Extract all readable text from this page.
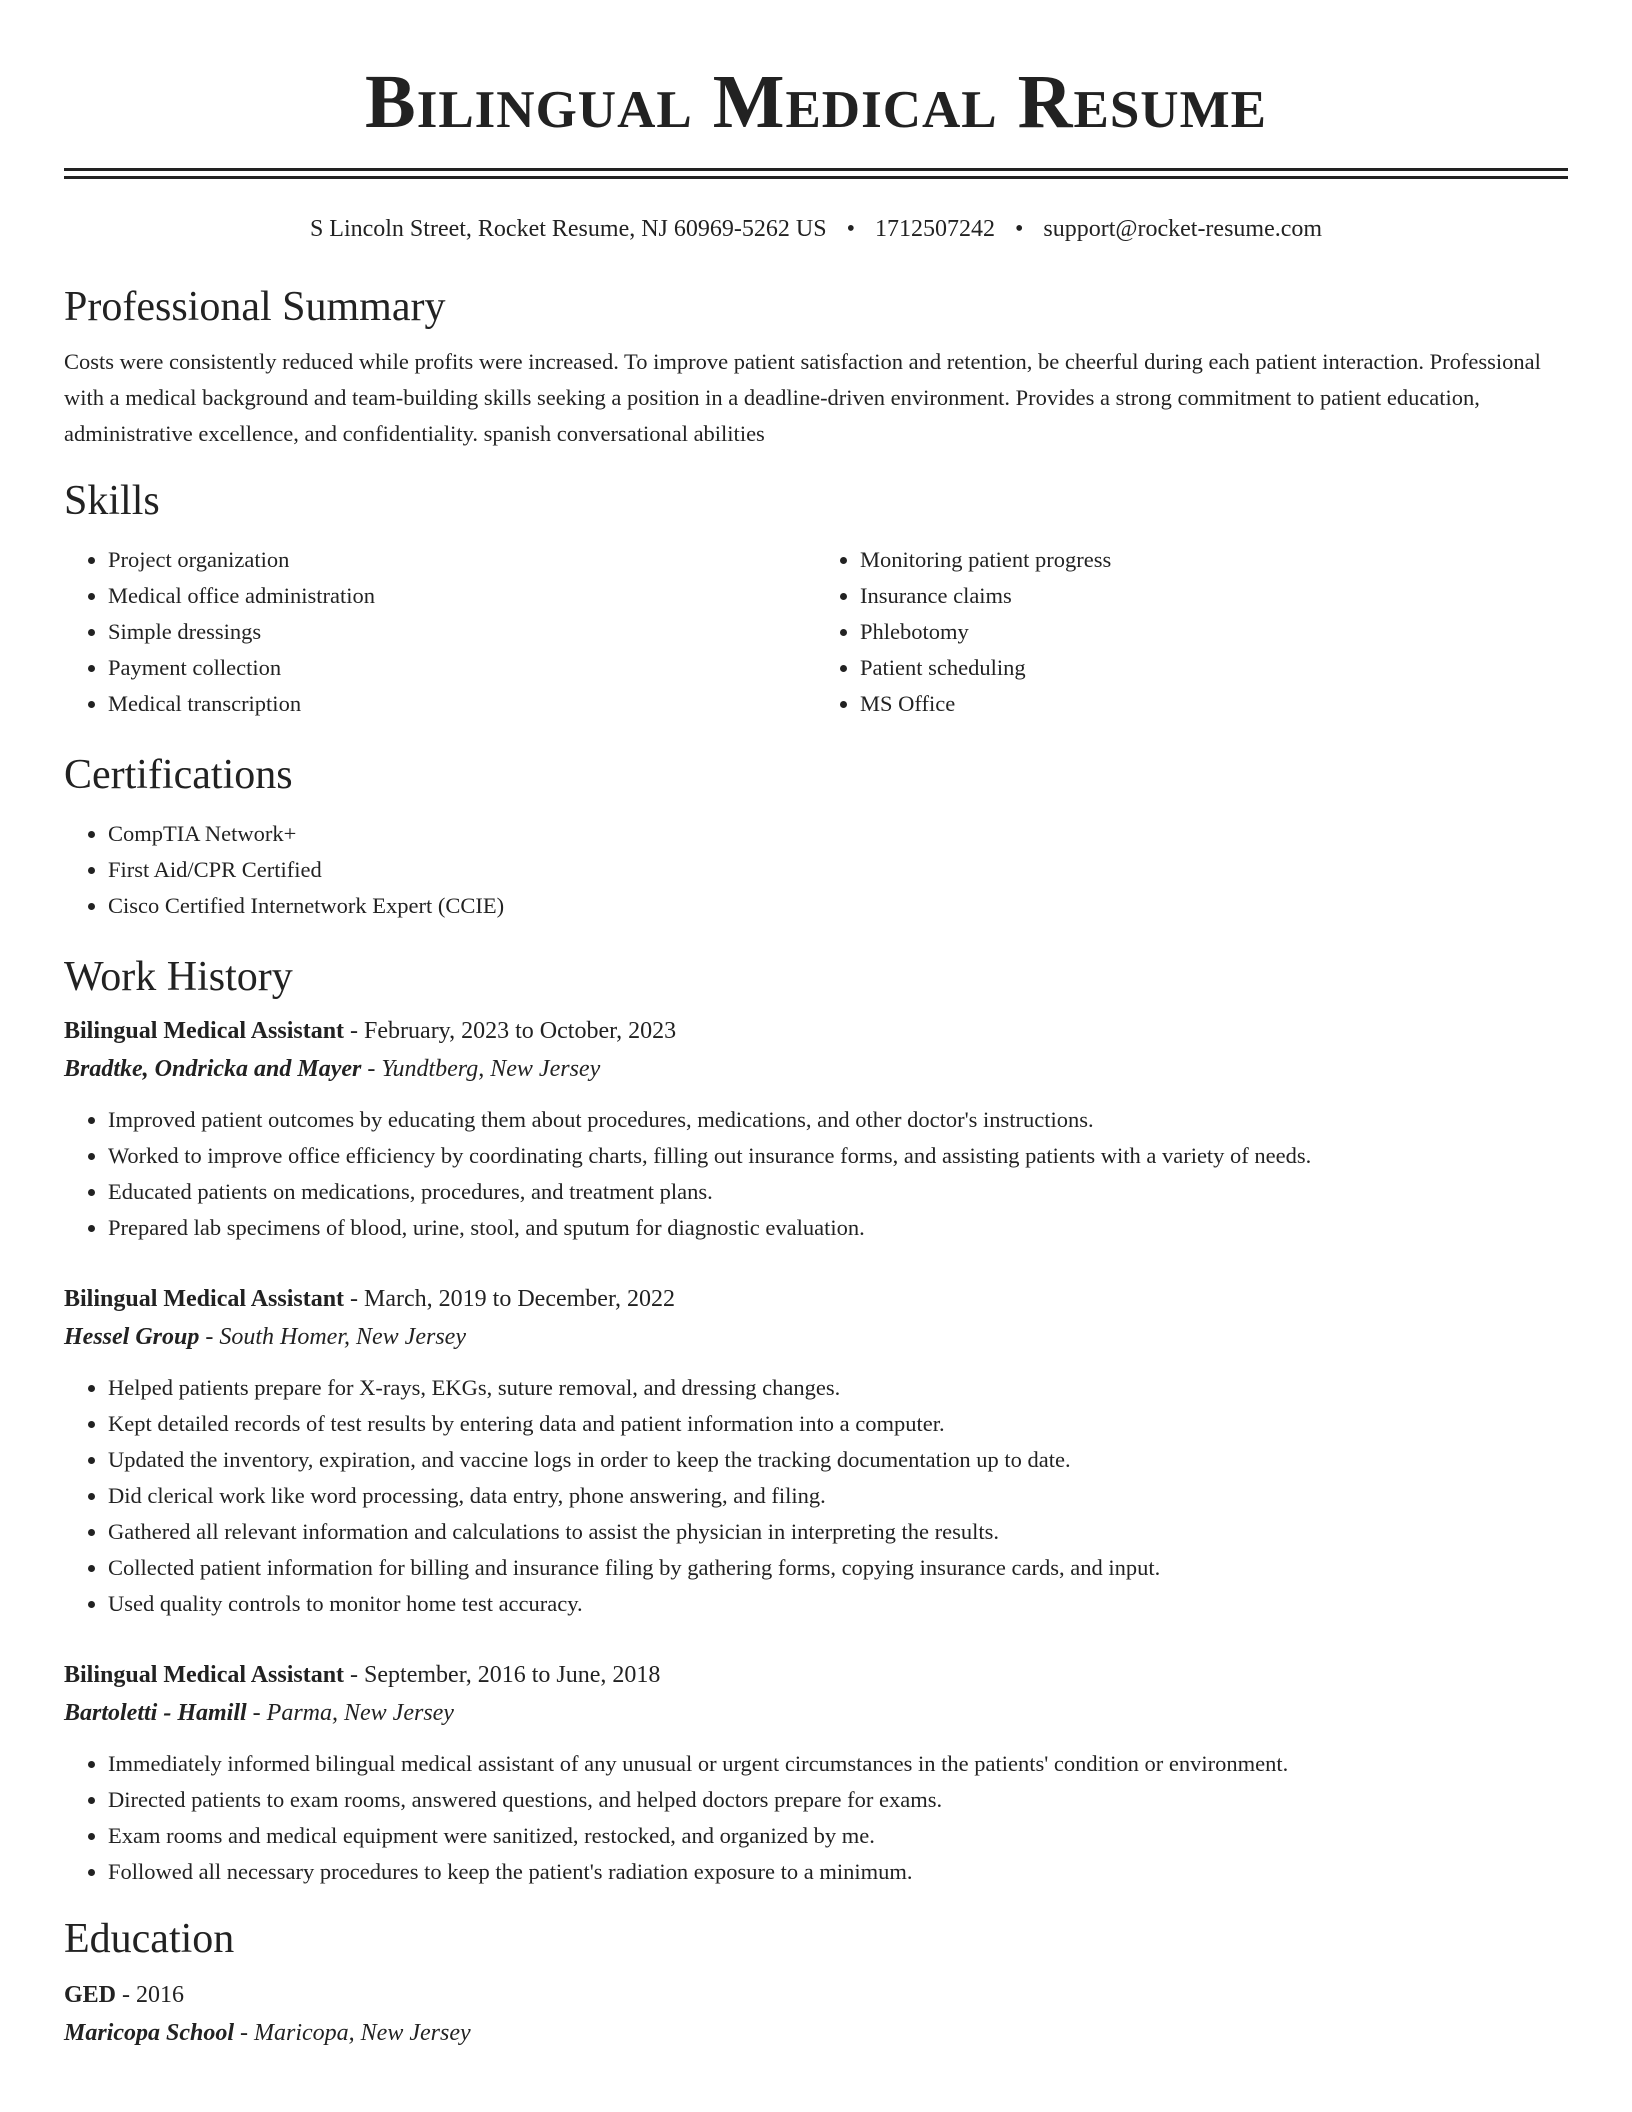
Bilingual Medical Resume
S Lincoln Street, Rocket Resume, NJ 60969-5262 US • 1712507242 • support@rocket-resume.com
Professional Summary

Costs were consistently reduced while profits were increased. To improve patient satisfaction and retention, be cheerful during each patient interaction. Professional with a medical background and team-building skills seeking a position in a deadline-driven environment. Provides a strong commitment to patient education, administrative excellence, and confidentiality. spanish conversational abilities

Skills
• Project organization
• Medical office administration
• Simple dressings
• Payment collection
• Medical transcription
• Monitoring patient progress
• Insurance claims
• Phlebotomy
• Patient scheduling
• MS Office
Certifications
• CompTIA Network+
• First Aid/CPR Certified
• Cisco Certified Internetwork Expert (CCIE)
Work History
Bilingual Medical Assistant - February, 2023 to October, 2023
Bradtke, Ondricka and Mayer - Yundtberg, New Jersey
• Improved patient outcomes by educating them about procedures, medications, and other doctor's instructions.
• Worked to improve office efficiency by coordinating charts, filling out insurance forms, and assisting patients with a variety of needs.
• Educated patients on medications, procedures, and treatment plans.
• Prepared lab specimens of blood, urine, stool, and sputum for diagnostic evaluation.
Bilingual Medical Assistant - March, 2019 to December, 2022
Hessel Group - South Homer, New Jersey
• Helped patients prepare for X-rays, EKGs, suture removal, and dressing changes.
• Kept detailed records of test results by entering data and patient information into a computer.
• Updated the inventory, expiration, and vaccine logs in order to keep the tracking documentation up to date.
• Did clerical work like word processing, data entry, phone answering, and filing.
• Gathered all relevant information and calculations to assist the physician in interpreting the results.
• Collected patient information for billing and insurance filing by gathering forms, copying insurance cards, and input.
• Used quality controls to monitor home test accuracy.
Bilingual Medical Assistant - September, 2016 to June, 2018
Bartoletti - Hamill - Parma, New Jersey
• Immediately informed bilingual medical assistant of any unusual or urgent circumstances in the patients' condition or environment.
• Directed patients to exam rooms, answered questions, and helped doctors prepare for exams.
• Exam rooms and medical equipment were sanitized, restocked, and organized by me.
• Followed all necessary procedures to keep the patient's radiation exposure to a minimum.
Education
GED - 2016
Maricopa School - Maricopa, New Jersey
